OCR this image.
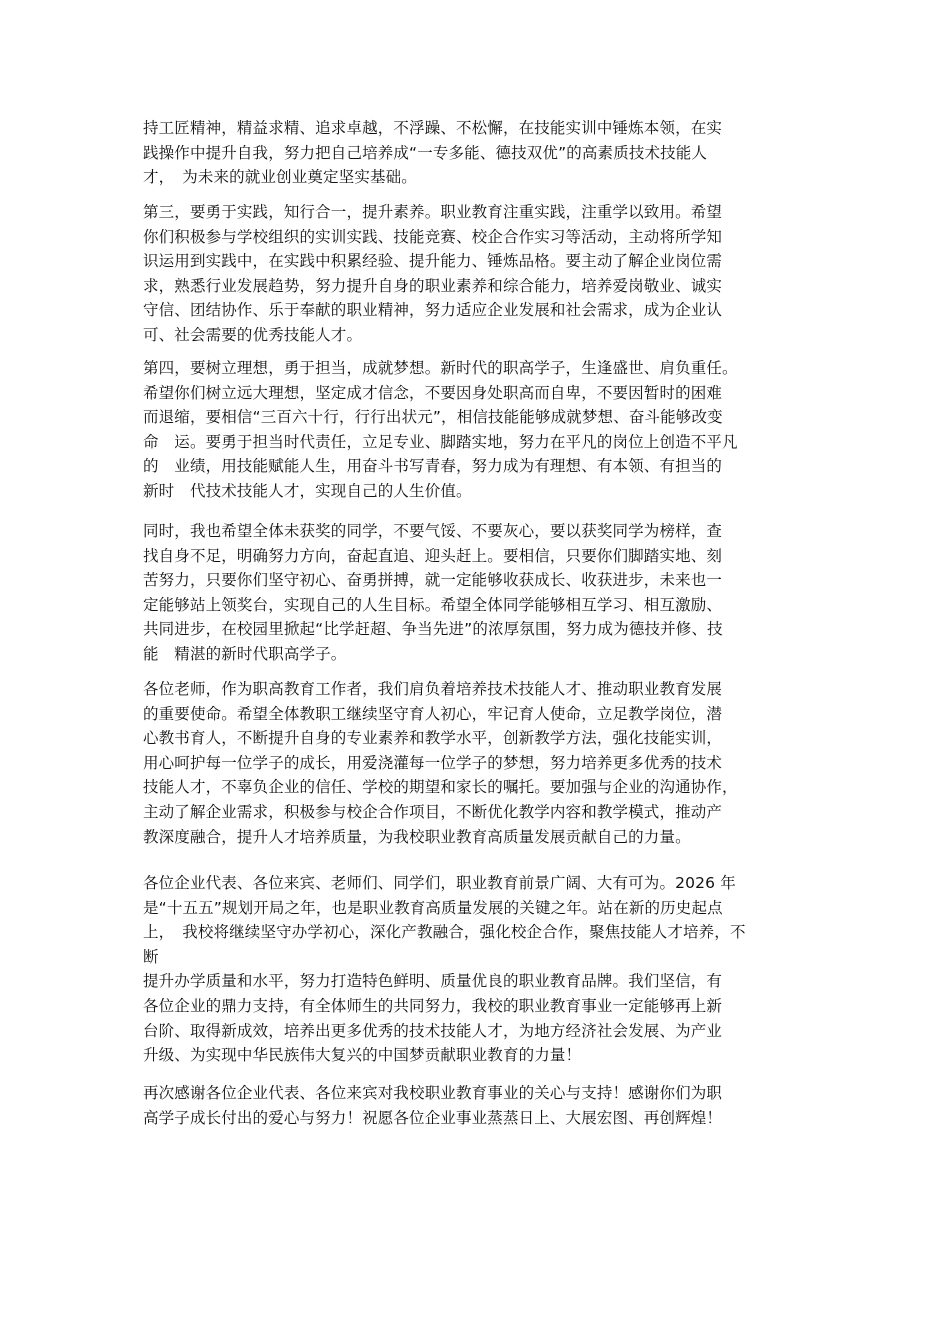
持工匠精神，精益求精、追求卓越，不浮躁、不松懈，在技能实训中锤炼本领，在实
践操作中提升自我，努力把自己培养成“一专多能、德技双优”的高素质技术技能人
才，　为未来的就业创业奠定坚实基础。
第三，要勇于实践，知行合一，提升素养。职业教育注重实践，注重学以致用。希望
你们积极参与学校组织的实训实践、技能竞赛、校企合作实习等活动，主动将所学知
识运用到实践中，在实践中积累经验、提升能力、锤炼品格。要主动了解企业岗位需
求，熟悉行业发展趋势，努力提升自身的职业素养和综合能力，培养爱岗敬业、诚实
守信、团结协作、乐于奉献的职业精神，努力适应企业发展和社会需求，成为企业认
可、社会需要的优秀技能人才。
第四，要树立理想，勇于担当，成就梦想。新时代的职高学子，生逢盛世、肩负重任。
希望你们树立远大理想，坚定成才信念，不要因身处职高而自卑，不要因暂时的困难
而退缩，要相信“三百六十行，行行出状元”，相信技能能够成就梦想、奋斗能够改变
命　运。要勇于担当时代责任，立足专业、脚踏实地，努力在平凡的岗位上创造不平凡
的　业绩，用技能赋能人生，用奋斗书写青春，努力成为有理想、有本领、有担当的
新时　代技术技能人才，实现自己的人生价值。
同时，我也希望全体未获奖的同学，不要气馁、不要灰心，要以获奖同学为榜样，查
找自身不足，明确努力方向，奋起直追、迎头赶上。要相信，只要你们脚踏实地、刻
苦努力，只要你们坚守初心、奋勇拼搏，就一定能够收获成长、收获进步，未来也一
定能够站上领奖台，实现自己的人生目标。希望全体同学能够相互学习、相互激励、
共同进步，在校园里掀起“比学赶超、争当先进”的浓厚氛围，努力成为德技并修、技
能　精湛的新时代职高学子。
各位老师，作为职高教育工作者，我们肩负着培养技术技能人才、推动职业教育发展
的重要使命。希望全体教职工继续坚守育人初心，牢记育人使命，立足教学岗位，潜
心教书育人，不断提升自身的专业素养和教学水平，创新教学方法，强化技能实训，
用心呵护每一位学子的成长，用爱浇灌每一位学子的梦想，努力培养更多优秀的技术
技能人才，不辜负企业的信任、学校的期望和家长的嘱托。要加强与企业的沟通协作，
主动了解企业需求，积极参与校企合作项目，不断优化教学内容和教学模式，推动产
教深度融合，提升人才培养质量，为我校职业教育高质量发展贡献自己的力量。
各位企业代表、各位来宾、老师们、同学们，职业教育前景广阔、大有可为。2026 年
是“十五五”规划开局之年，也是职业教育高质量发展的关键之年。站在新的历史起点
上，　我校将继续坚守办学初心，深化产教融合，强化校企合作，聚焦技能人才培养，不
断
提升办学质量和水平，努力打造特色鲜明、质量优良的职业教育品牌。我们坚信，有
各位企业的鼎力支持，有全体师生的共同努力，我校的职业教育事业一定能够再上新
台阶、取得新成效，培养出更多优秀的技术技能人才，为地方经济社会发展、为产业
升级、为实现中华民族伟大复兴的中国梦贡献职业教育的力量！
再次感谢各位企业代表、各位来宾对我校职业教育事业的关心与支持！感谢你们为职
高学子成长付出的爱心与努力！祝愿各位企业事业蒸蒸日上、大展宏图、再创辉煌！
